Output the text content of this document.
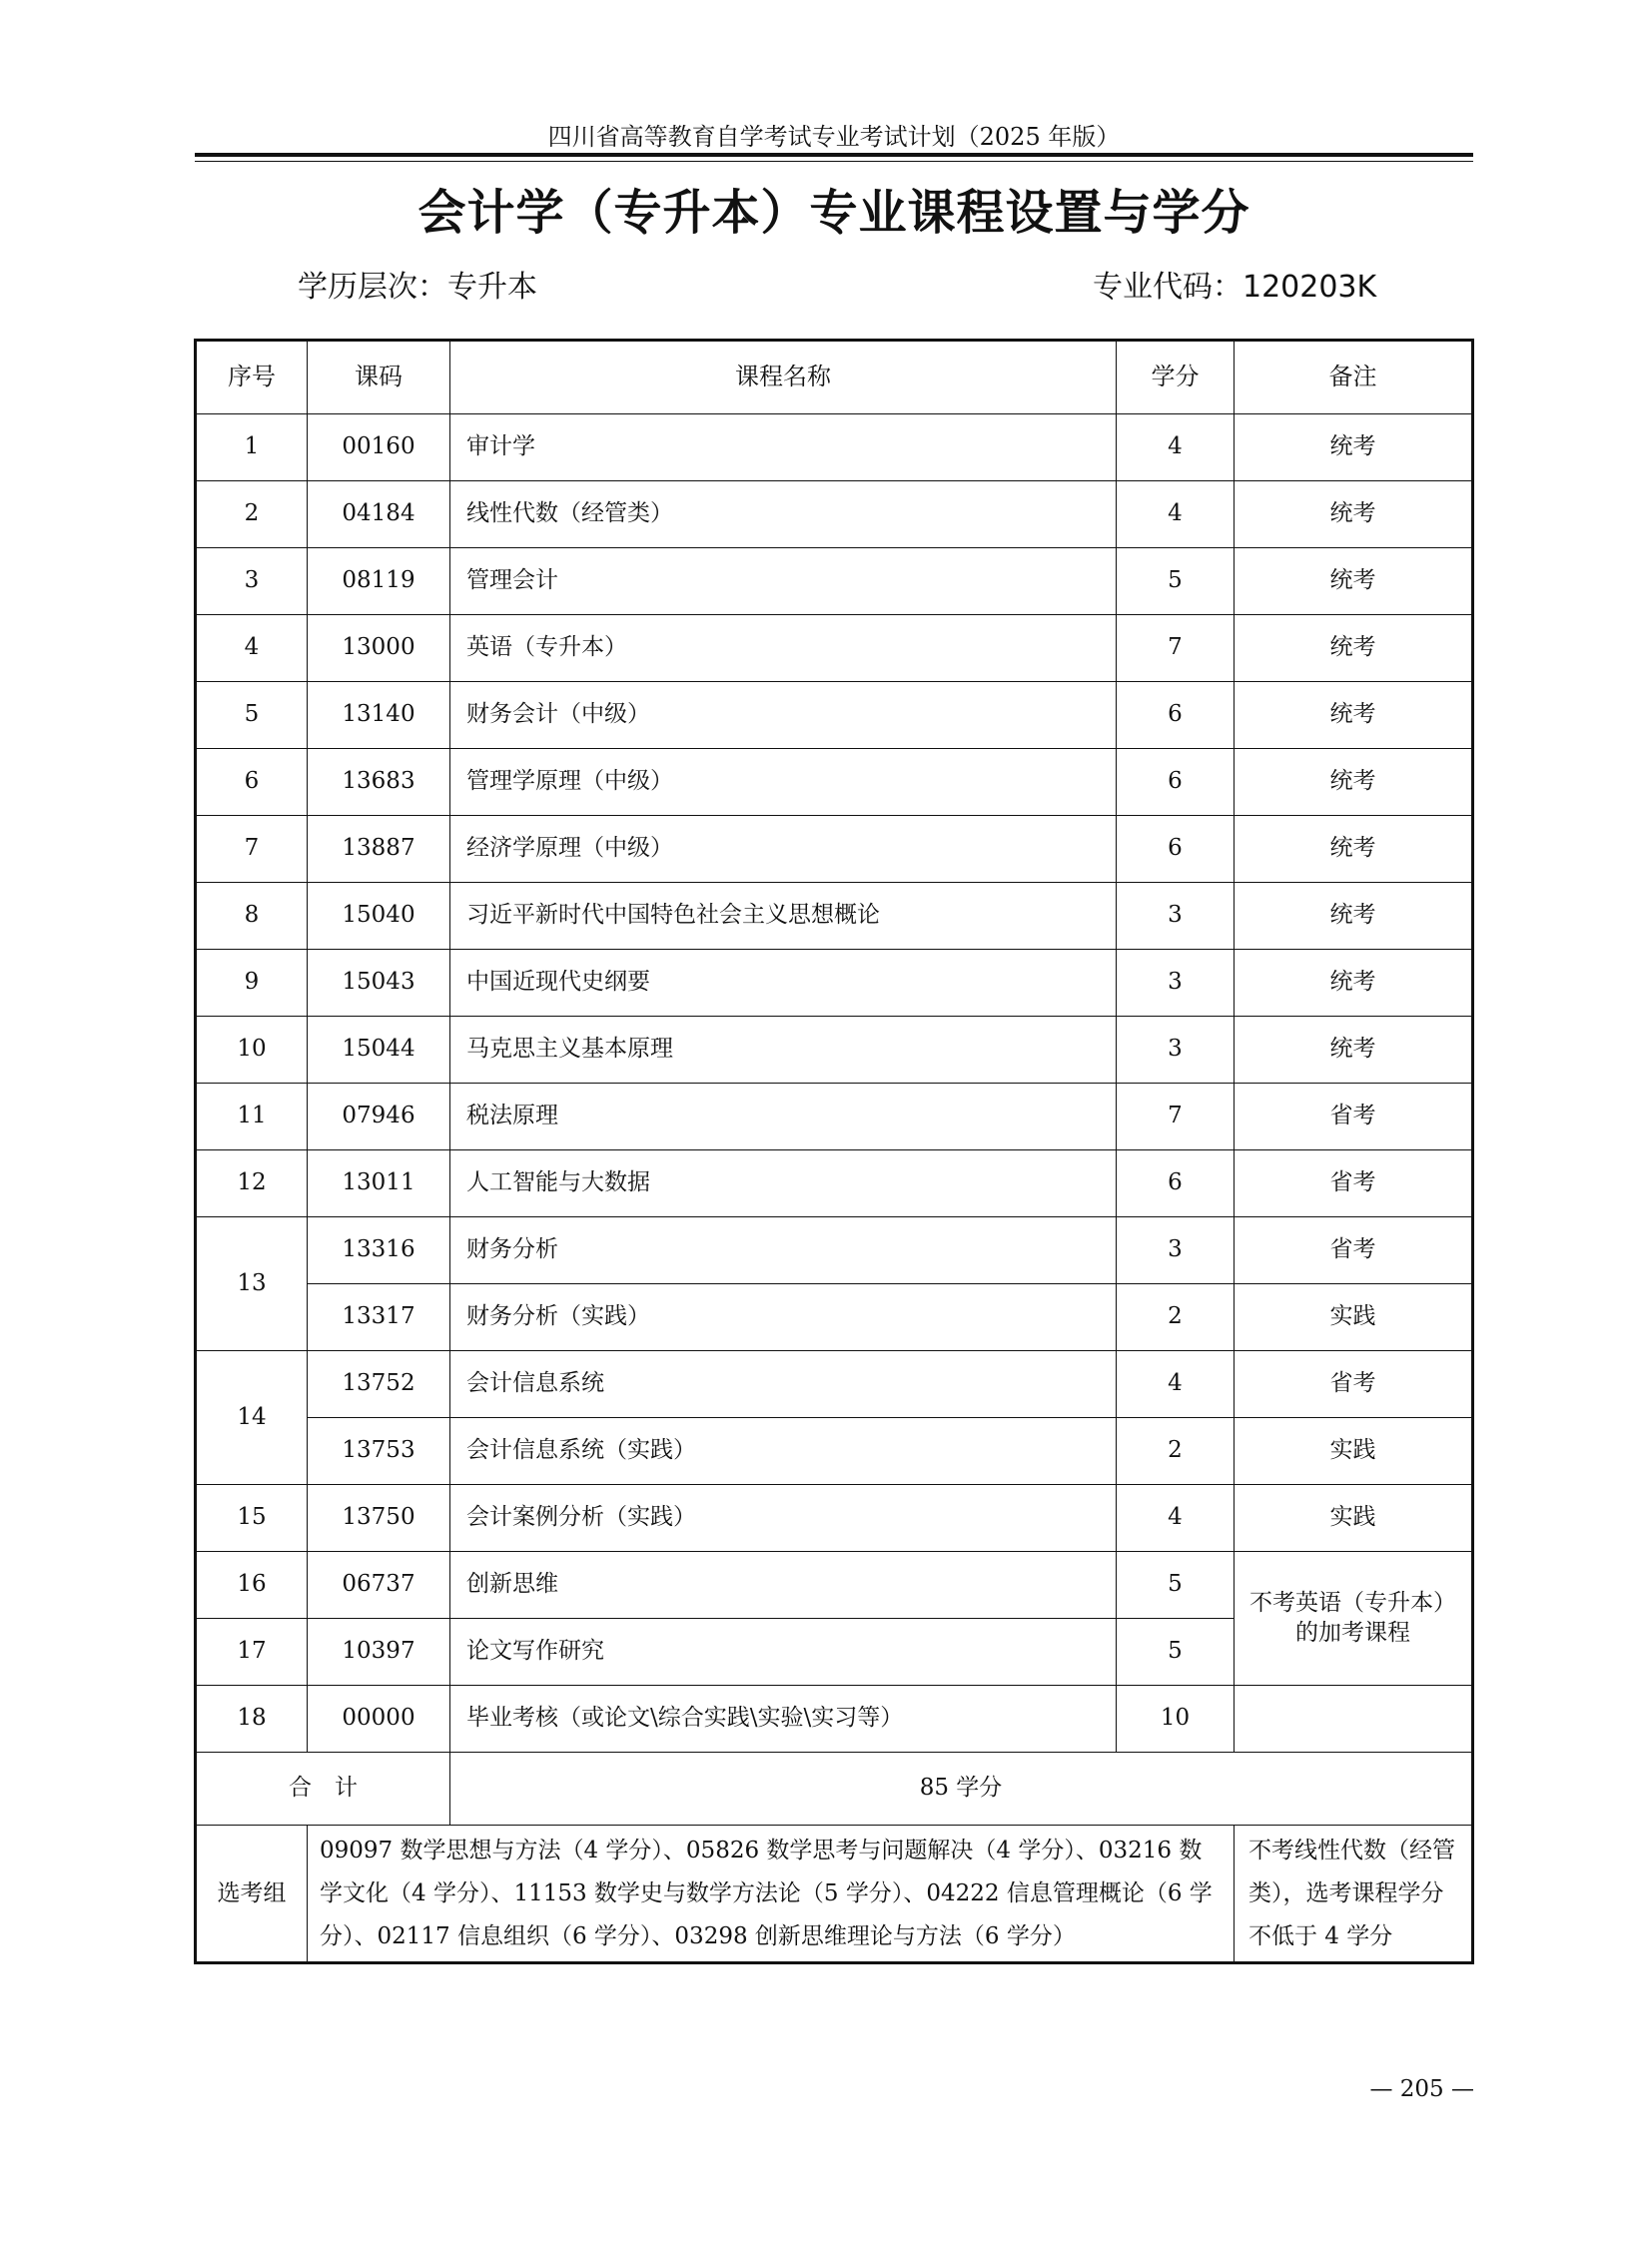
四川省高等教育自学考试专业考试计划（2025 年版）
会计学（专升本）专业课程设置与学分
学历层次：专升本	专业代码：120203K
序号	课码	课程名称	学分	备注
1	00160	审计学	4	统考
2	04184	线性代数（经管类）	4	统考
3	08119	管理会计	5	统考
4	13000	英语（专升本）	7	统考
5	13140	财务会计（中级）	6	统考
6	13683	管理学原理（中级）	6	统考
7	13887	经济学原理（中级）	6	统考
8	15040	习近平新时代中国特色社会主义思想概论	3	统考
9	15043	中国近现代史纲要	3	统考
10	15044	马克思主义基本原理	3	统考
11	07946	税法原理	7	省考
12	13011	人工智能与大数据	6	省考
13	13316	财务分析	3	省考
	13317	财务分析（实践）	2	实践
14	13752	会计信息系统	4	省考
	13753	会计信息系统（实践）	2	实践
15	13750	会计案例分析（实践）	4	实践
16	06737	创新思维	5	不考英语（专升本）的加考课程
17	10397	论文写作研究	5	
18	00000	毕业考核（或论文\综合实践\实验\实习等）	10	
合　计		85 学分		
选考组	09097 数学思想与方法（4 学分）、05826 数学思考与问题解决（4 学分）、03216 数学文化（4 学分）、11153 数学史与数学方法论（5 学分）、04222 信息管理概论（6 学分）、02117 信息组织（6 学分）、03298 创新思维理论与方法（6 学分）			不考线性代数（经管类），选考课程学分不低于 4 学分
— 205 —
